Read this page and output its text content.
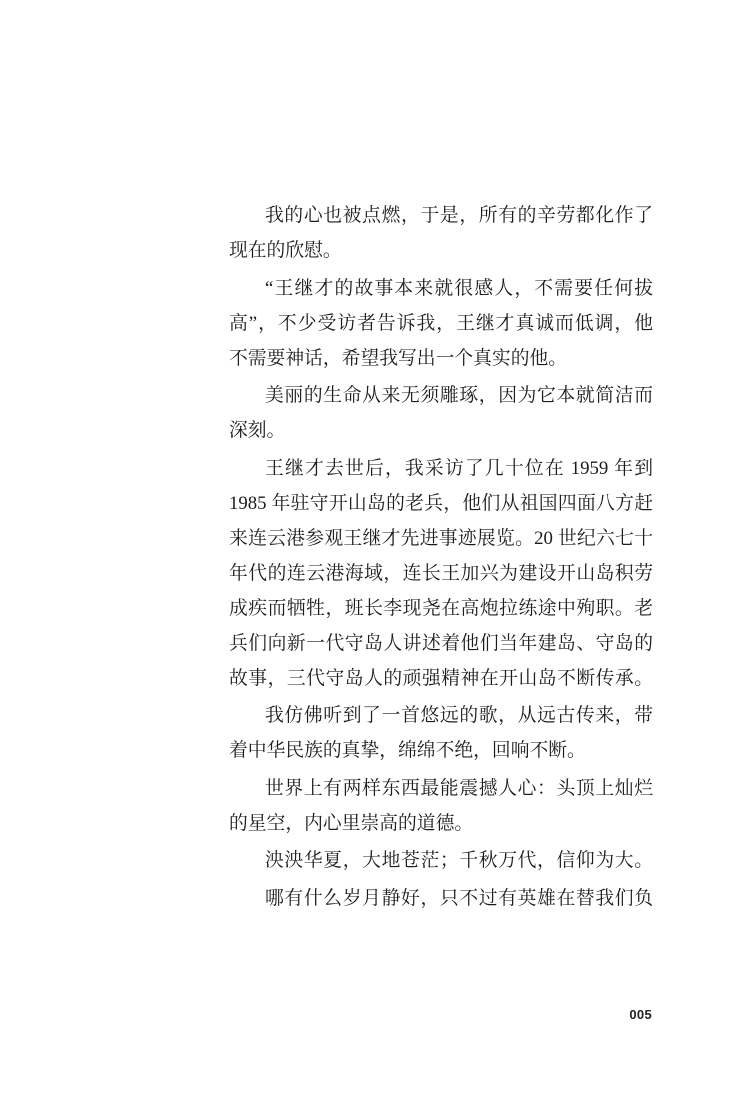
我的心也被点燃，于是，所有的辛劳都化作了
现在的欣慰。

“王继才的故事本来就很感人，不需要任何拔
高”，不少受访者告诉我，王继才真诚而低调，他
不需要神话，希望我写出一个真实的他。

美丽的生命从来无须雕琢，因为它本就简洁而
深刻。

王继才去世后，我采访了几十位在 1959 年到
1985 年驻守开山岛的老兵，他们从祖国四面八方赶
来连云港参观王继才先进事迹展览。20 世纪六七十
年代的连云港海域，连长王加兴为建设开山岛积劳
成疾而牺牲，班长李现尧在高炮拉练途中殉职。老
兵们向新一代守岛人讲述着他们当年建岛、守岛的
故事，三代守岛人的顽强精神在开山岛不断传承。

我仿佛听到了一首悠远的歌，从远古传来，带
着中华民族的真挚，绵绵不绝，回响不断。

世界上有两样东西最能震撼人心：头顶上灿烂
的星空，内心里崇高的道德。

泱泱华夏，大地苍茫；千秋万代，信仰为大。

哪有什么岁月静好，只不过有英雄在替我们负

005
